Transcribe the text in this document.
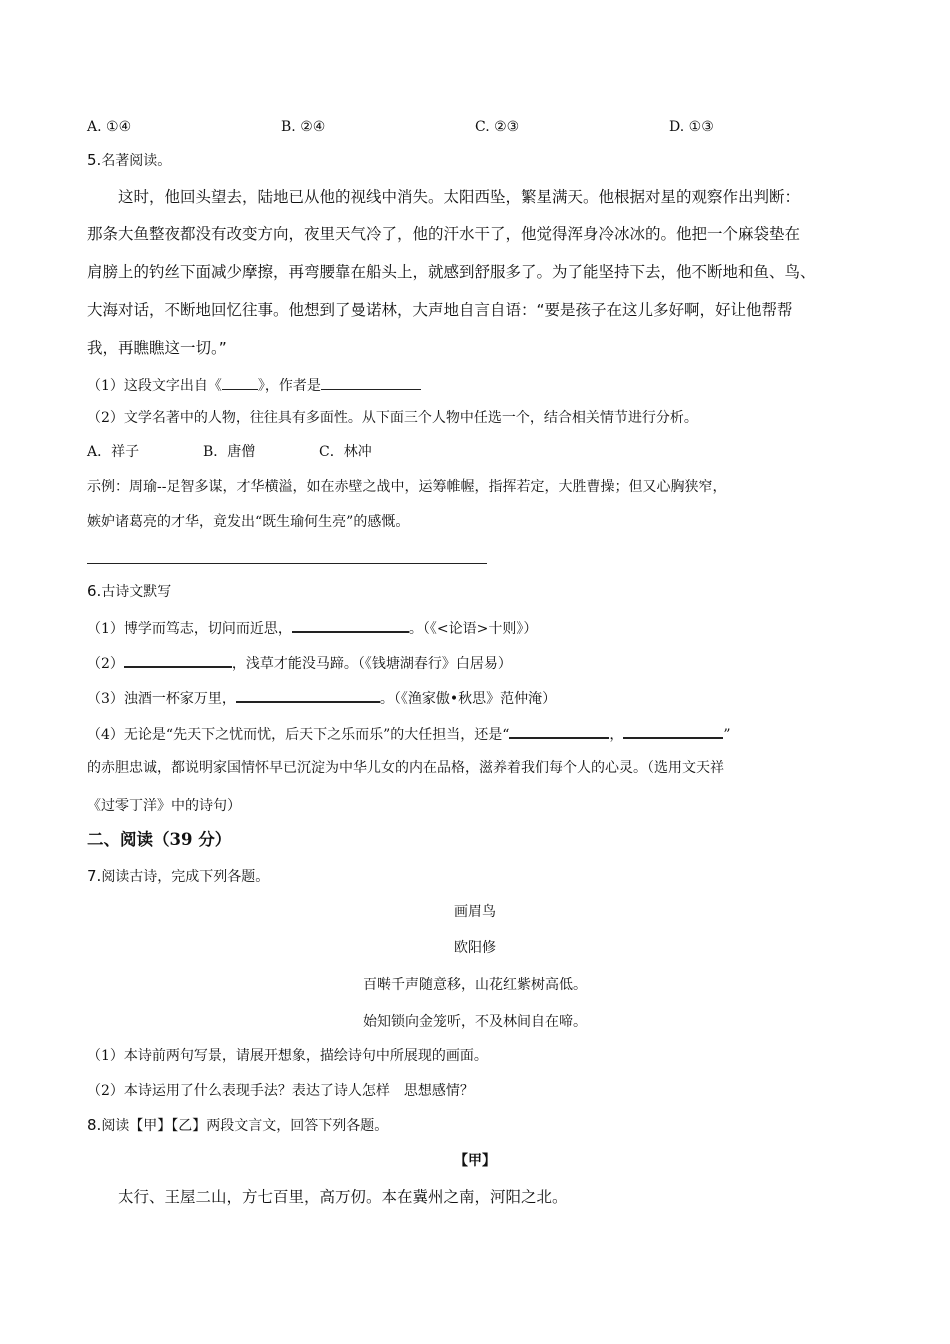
A. ①④	B. ②④	C. ②③	D. ①③
5.名著阅读。
这时，他回头望去，陆地已从他的视线中消失。太阳西坠，繁星满天。他根据对星的观察作出判断：
那条大鱼整夜都没有改变方向，夜里天气冷了，他的汗水干了，他觉得浑身冷冰冰的。他把一个麻袋垫在
肩膀上的钓丝下面减少摩擦，再弯腰靠在船头上，就感到舒服多了。为了能坚持下去，他不断地和鱼、鸟、
大海对话，不断地回忆往事。他想到了曼诺林，大声地自言自语：“要是孩子在这儿多好啊，好让他帮帮
我，再瞧瞧这一切。”
（1）这段文字出自《	》，作者是
（2）文学名著中的人物，往往具有多面性。从下面三个人物中任选一个，结合相关情节进行分析。
A．祥子	B．唐僧	C．林冲
示例：周瑜--足智多谋，才华横溢，如在赤壁之战中，运筹帷幄，指挥若定，大胜曹操；但又心胸狭窄，
嫉妒诸葛亮的才华，竟发出“既生瑜何生亮”的感慨。
6.古诗文默写
（1）博学而笃志，切问而近思，	。（《<论语>十则》）
（2）	，浅草才能没马蹄。（《钱塘湖春行》白居易）
（3）浊酒一杯家万里，	。（《渔家傲•秋思》范仲淹）
（4）无论是“先天下之忧而忧，后天下之乐而乐”的大任担当，还是“	，	”
的赤胆忠诚，都说明家国情怀早已沉淀为中华儿女的内在品格，滋养着我们每个人的心灵。（选用文天祥
《过零丁洋》中的诗句）
二、阅读（39 分）
7.阅读古诗，完成下列各题。
画眉鸟
欧阳修
百啭千声随意移，山花红紫树高低。
始知锁向金笼听，不及林间自在啼。
（1）本诗前两句写景，请展开想象，描绘诗句中所展现的画面。
（2）本诗运用了什么表现手法？表达了诗人怎样　思想感情？
8.阅读【甲】【乙】两段文言文，回答下列各题。
【甲】
太行、王屋二山，方七百里，高万仞。本在冀州之南，河阳之北。
